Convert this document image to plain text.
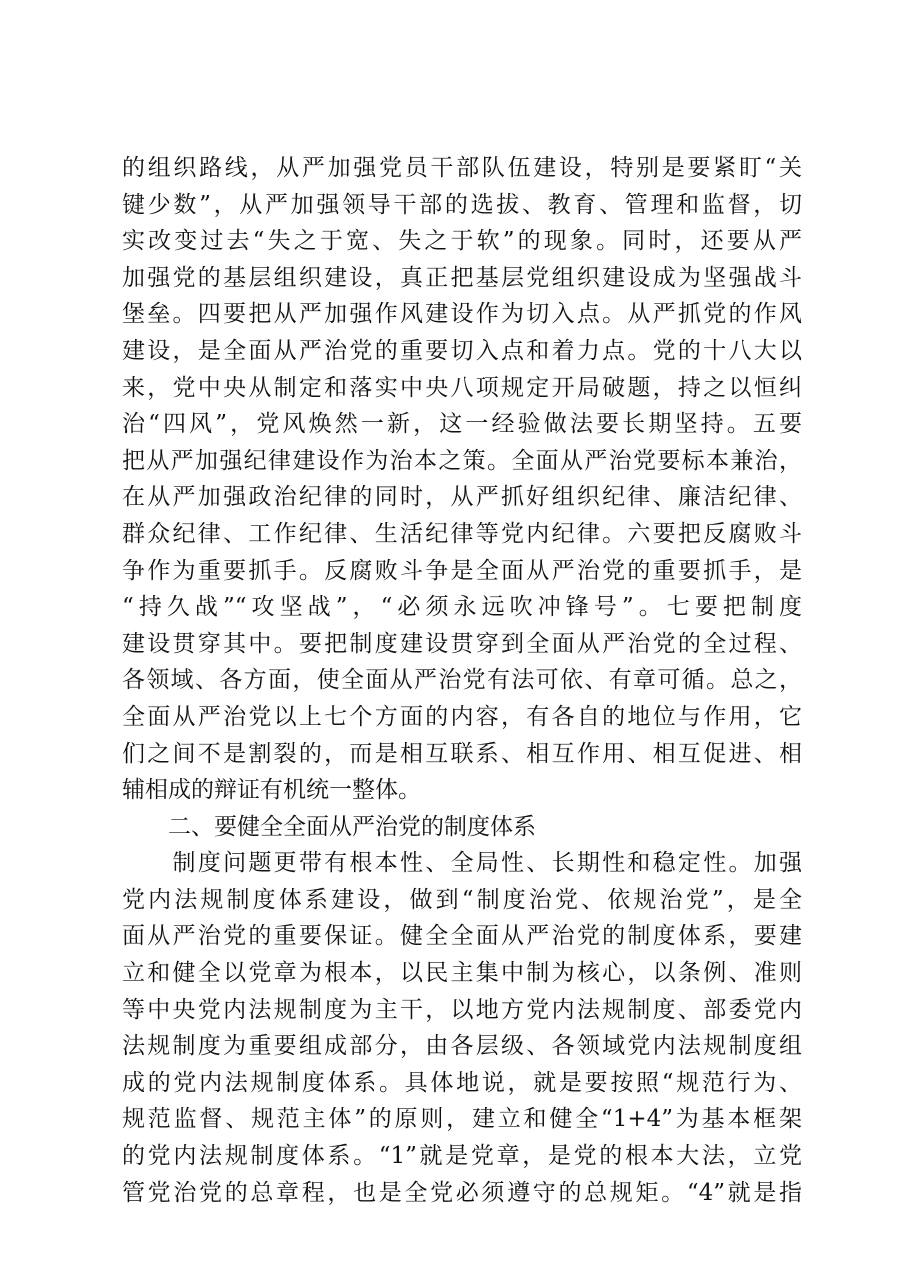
的组织路线，从严加强党员干部队伍建设，特别是要紧盯“关
键少数”，从严加强领导干部的选拔、教育、管理和监督，切
实改变过去“失之于宽、失之于软”的现象。同时，还要从严
加强党的基层组织建设，真正把基层党组织建设成为坚强战斗
堡垒。四要把从严加强作风建设作为切入点。从严抓党的作风
建设，是全面从严治党的重要切入点和着力点。党的十八大以
来，党中央从制定和落实中央八项规定开局破题，持之以恒纠
治“四风”，党风焕然一新，这一经验做法要长期坚持。五要
把从严加强纪律建设作为治本之策。全面从严治党要标本兼治，
在从严加强政治纪律的同时，从严抓好组织纪律、廉洁纪律、
群众纪律、工作纪律、生活纪律等党内纪律。六要把反腐败斗
争作为重要抓手。反腐败斗争是全面从严治党的重要抓手，是
“持久战”“攻坚战”，“必须永远吹冲锋号”。七要把制度
建设贯穿其中。要把制度建设贯穿到全面从严治党的全过程、
各领域、各方面，使全面从严治党有法可依、有章可循。总之，
全面从严治党以上七个方面的内容，有各自的地位与作用，它
们之间不是割裂的，而是相互联系、相互作用、相互促进、相
辅相成的辩证有机统一整体。
　　二、要健全全面从严治党的制度体系
　　制度问题更带有根本性、全局性、长期性和稳定性。加强
党内法规制度体系建设，做到“制度治党、依规治党”，是全
面从严治党的重要保证。健全全面从严治党的制度体系，要建
立和健全以党章为根本，以民主集中制为核心，以条例、准则
等中央党内法规制度为主干，以地方党内法规制度、部委党内
法规制度为重要组成部分，由各层级、各领域党内法规制度组
成的党内法规制度体系。具体地说，就是要按照“规范行为、
规范监督、规范主体”的原则，建立和健全“1+4”为基本框架
的党内法规制度体系。“1”就是党章，是党的根本大法，立党
管党治党的总章程，也是全党必须遵守的总规矩。“4”就是指
